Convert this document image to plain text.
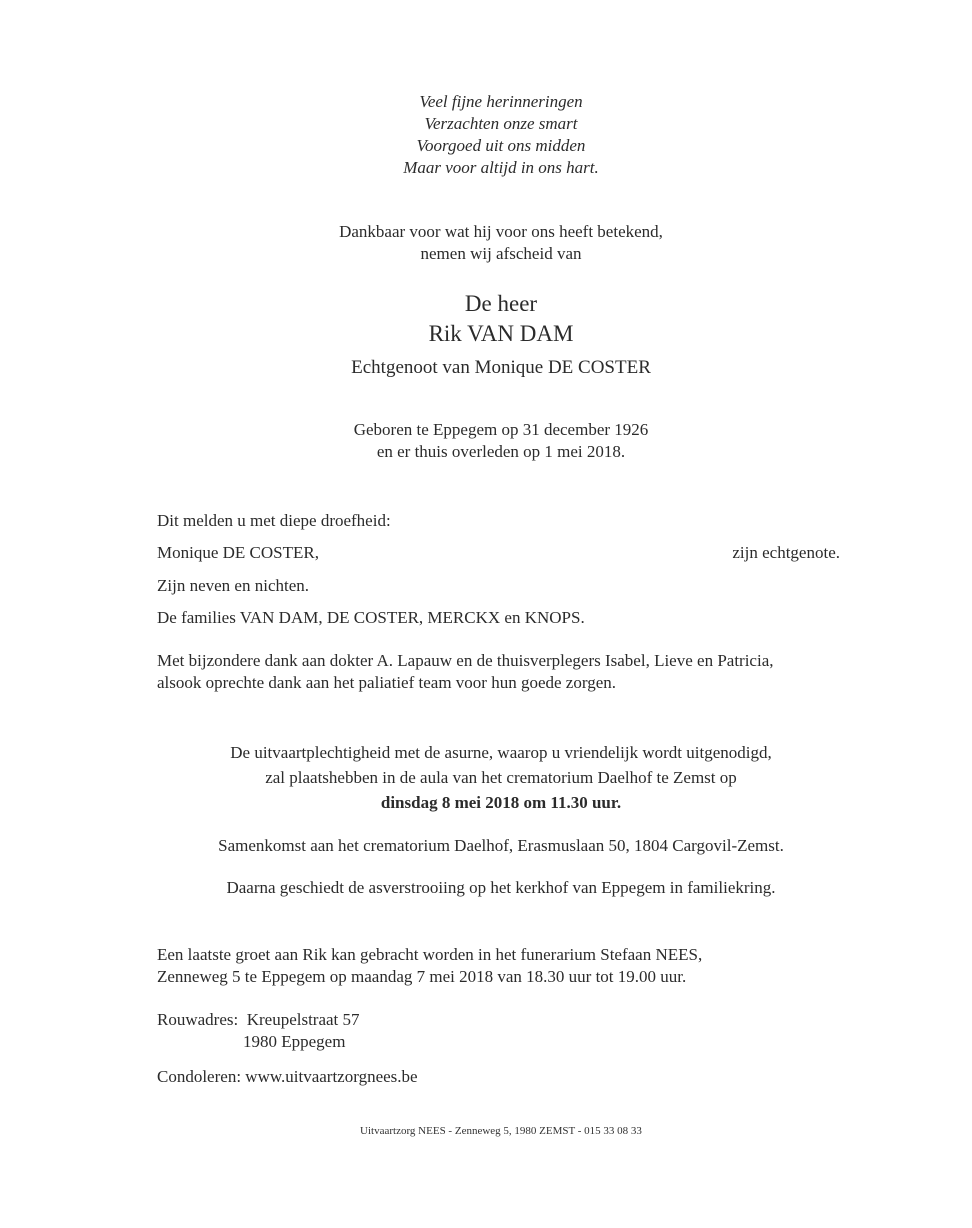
Veel fijne herinneringen
Verzachten onze smart
Voorgoed uit ons midden
Maar voor altijd in ons hart.
Dankbaar voor wat hij voor ons heeft betekend,
nemen wij afscheid van
De heer
Rik VAN DAM
Echtgenoot van Monique DE COSTER
Geboren te Eppegem op 31 december 1926
en er thuis overleden op 1 mei 2018.
Dit melden u met diepe droefheid:
Monique DE COSTER,	zijn echtgenote.
Zijn neven en nichten.
De families VAN DAM, DE COSTER, MERCKX en KNOPS.
Met bijzondere dank aan dokter A. Lapauw en de thuisverplegers Isabel, Lieve en Patricia,
alsook oprechte dank aan het paliatief team voor hun goede zorgen.
De uitvaartplechtigheid met de asurne, waarop u vriendelijk wordt uitgenodigd,
zal plaatshebben in de aula van het crematorium Daelhof te Zemst op
dinsdag 8 mei 2018 om 11.30 uur.
Samenkomst aan het crematorium Daelhof, Erasmuslaan 50, 1804 Cargovil-Zemst.
Daarna geschiedt de asverstrooiing op het kerkhof van Eppegem in familiekring.
Een laatste groet aan Rik kan gebracht worden in het funerarium Stefaan NEES,
Zenneweg 5 te Eppegem op maandag 7 mei 2018 van 18.30 uur tot 19.00 uur.
Rouwadres: Kreupelstraat 57
1980 Eppegem
Condoleren: www.uitvaartzorgnees.be
Uitvaartzorg NEES - Zenneweg 5, 1980 ZEMST - 015 33 08 33
